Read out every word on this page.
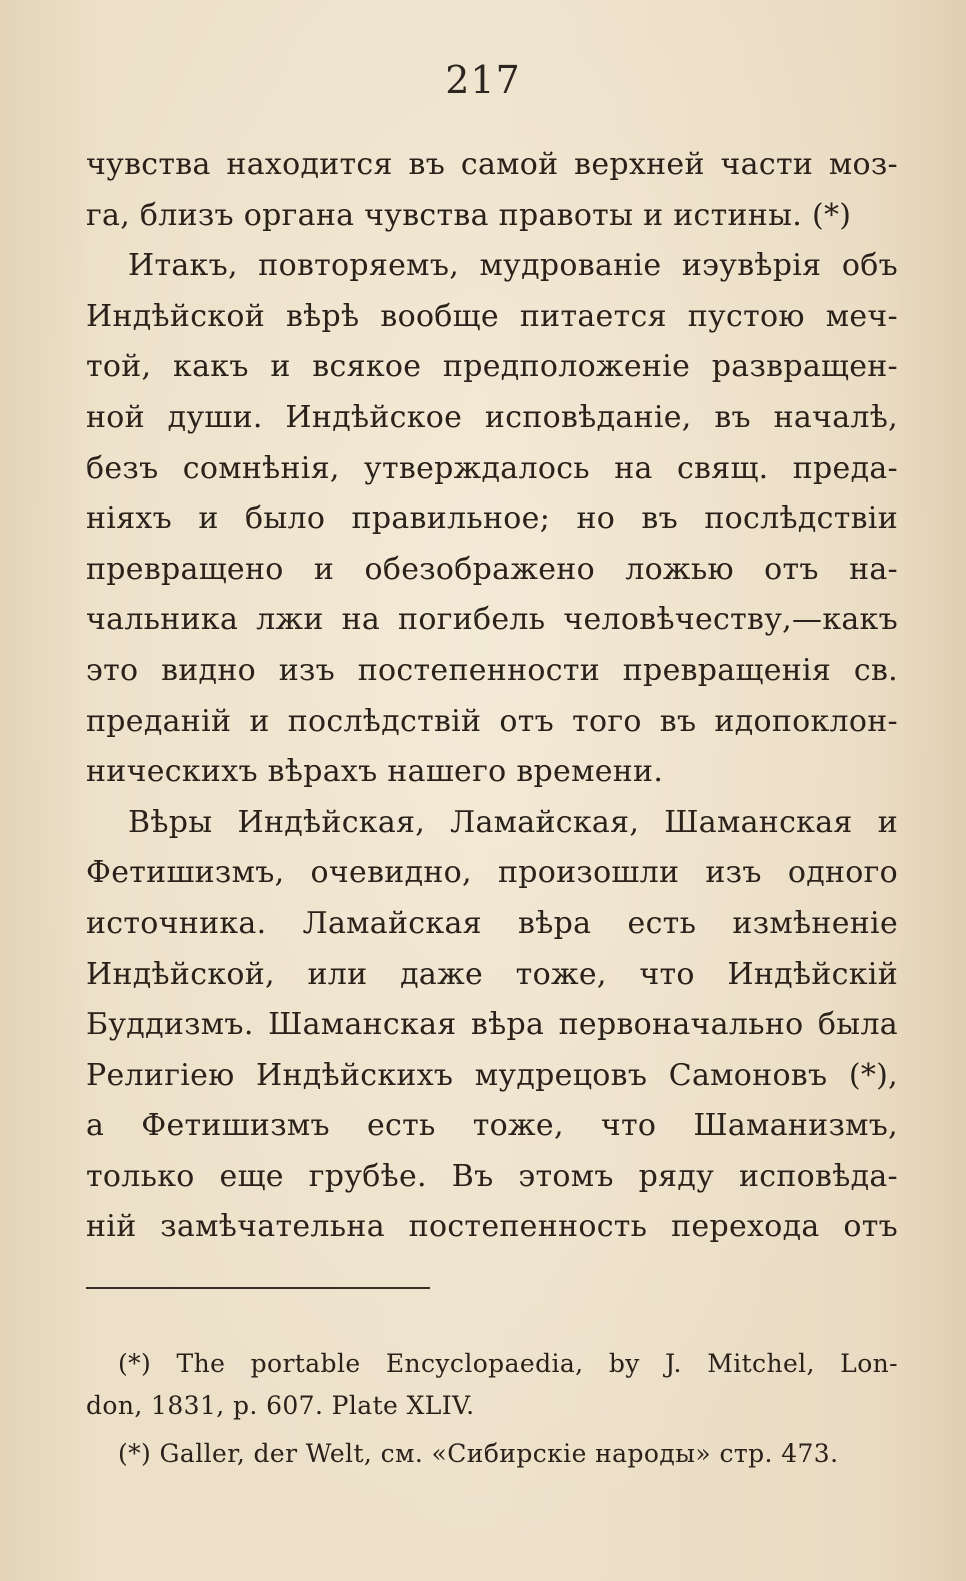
217
чувства находится въ самой верхней части моз-
га, близъ органа чувства правоты и истины. (*)
Итакъ, повторяемъ, мудрованіе иэувѣрія объ
Индѣйской вѣрѣ вообще питается пустою меч-
той, какъ и всякое предположеніе развращен-
ной души. Индѣйское исповѣданіе, въ началѣ,
безъ сомнѣнія, утверждалось на свящ. преда-
ніяхъ и было правильное; но въ послѣдствіи
превращено и обезображено ложью отъ на-
чальника лжи на погибель человѣчеству,—какъ
это видно изъ постепенности превращенія св.
преданій и послѣдствій отъ того въ идопоклон-
ническихъ вѣрахъ нашего времени.
Вѣры Индѣйская, Ламайская, Шаманская и
Фетишизмъ, очевидно, произошли изъ одного
источника. Ламайская вѣра есть измѣненіе
Индѣйской, или даже тоже, что Индѣйскій
Буддизмъ. Шаманская вѣра первоначально была
Религіею Индѣйскихъ мудрецовъ Самоновъ (*),
а Фетишизмъ есть тоже, что Шаманизмъ,
только еще грубѣе. Въ этомъ ряду исповѣда-
ній замѣчательна постепенность перехода отъ
(*) The portable Encyclopaedia, by J. Mitchel, Lon-
don, 1831, p. 607. Plate XLIV.
(*) Galler, der Welt, см. «Сибирскіе народы» стр. 473.
